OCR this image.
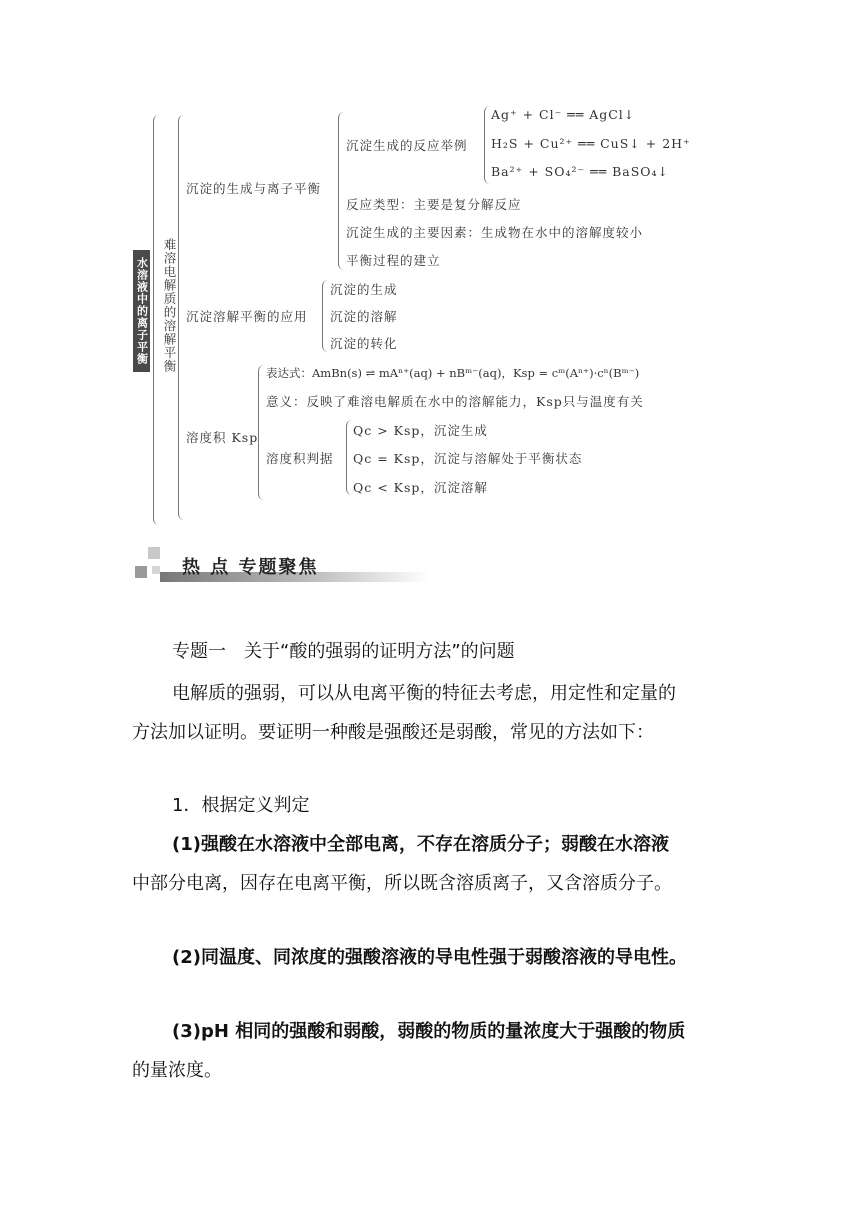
水溶液中的离子平衡 难溶电解质的溶解平衡
沉淀的生成与离子平衡
沉淀生成的反应举例
Ag⁺ + Cl⁻ ══ AgCl↓
H₂S + Cu²⁺ ══ CuS↓ + 2H⁺
Ba²⁺ + SO₄²⁻ ══ BaSO₄↓
反应类型：主要是复分解反应
沉淀生成的主要因素：生成物在水中的溶解度较小
平衡过程的建立
沉淀溶解平衡的应用
沉淀的生成
沉淀的溶解
沉淀的转化
溶度积 Ksp
表达式：AmBn(s) ⇌ mAⁿ⁺(aq) + nBᵐ⁻(aq)，Ksp = cᵐ(Aⁿ⁺)·cⁿ(Bᵐ⁻)
意义：反映了难溶电解质在水中的溶解能力，Ksp只与温度有关
溶度积判据
Qc > Ksp，沉淀生成
Qc = Ksp，沉淀与溶解处于平衡状态
Qc < Ksp，沉淀溶解
热 点 专题聚焦
专题一　关于“酸的强弱的证明方法”的问题
电解质的强弱，可以从电离平衡的特征去考虑，用定性和定量的
方法加以证明。要证明一种酸是强酸还是弱酸，常见的方法如下：
1．根据定义判定
(1)强酸在水溶液中全部电离，不存在溶质分子；弱酸在水溶液
中部分电离，因存在电离平衡，所以既含溶质离子，又含溶质分子。
(2)同温度、同浓度的强酸溶液的导电性强于弱酸溶液的导电性。
(3)pH 相同的强酸和弱酸，弱酸的物质的量浓度大于强酸的物质
的量浓度。
